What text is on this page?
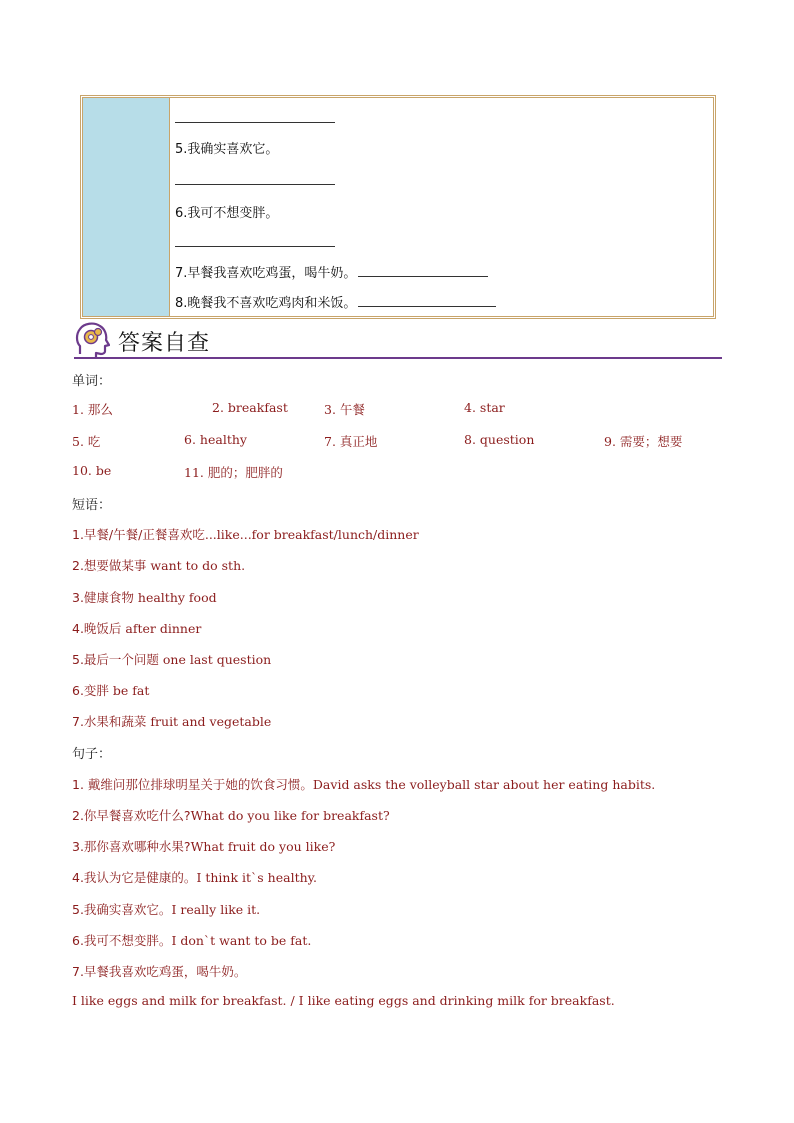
5.我确实喜欢它。
6.我可不想变胖。
7.早餐我喜欢吃鸡蛋，喝牛奶。
8.晚餐我不喜欢吃鸡肉和米饭。
答案自查
单词：
1. 那么	2. breakfast	3. 午餐	4. star
5. 吃	6. healthy	7. 真正地	8. question	9. 需要；想要
10. be	11. 肥的；肥胖的
短语：
1.早餐/午餐/正餐喜欢吃...like...for breakfast/lunch/dinner
2.想要做某事 want to do sth.
3.健康食物 healthy food
4.晚饭后 after dinner
5.最后一个问题 one last question
6.变胖 be fat
7.水果和蔬菜 fruit and vegetable
句子：
1. 戴维问那位排球明星关于她的饮食习惯。David asks the volleyball star about her eating habits.
2.你早餐喜欢吃什么?What do you like for breakfast?
3.那你喜欢哪种水果?What fruit do you like?
4.我认为它是健康的。I think it`s healthy.
5.我确实喜欢它。I really like it.
6.我可不想变胖。I don`t want to be fat.
7.早餐我喜欢吃鸡蛋，喝牛奶。
I like eggs and milk for breakfast. / I like eating eggs and drinking milk for breakfast.
